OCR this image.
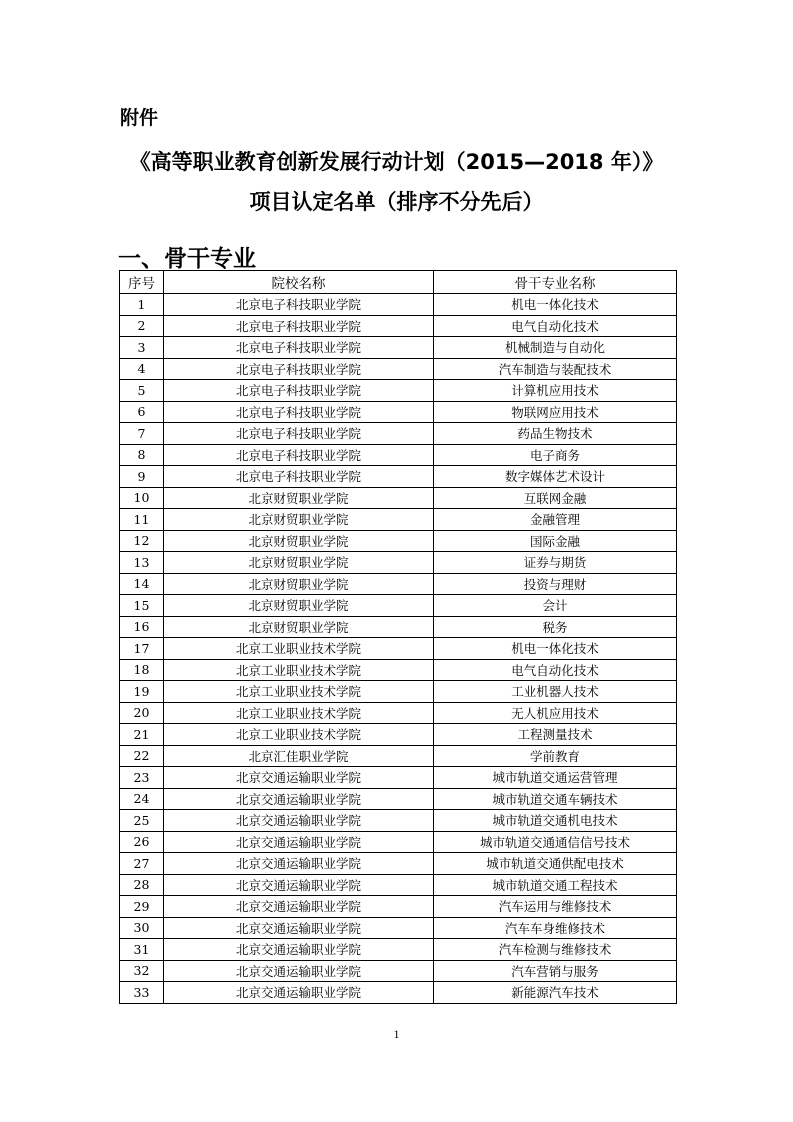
附件
《高等职业教育创新发展行动计划（2015—2018 年）》
项目认定名单（排序不分先后）
一、骨干专业
序号	院校名称	骨干专业名称
1	北京电子科技职业学院	机电一体化技术
2	北京电子科技职业学院	电气自动化技术
3	北京电子科技职业学院	机械制造与自动化
4	北京电子科技职业学院	汽车制造与装配技术
5	北京电子科技职业学院	计算机应用技术
6	北京电子科技职业学院	物联网应用技术
7	北京电子科技职业学院	药品生物技术
8	北京电子科技职业学院	电子商务
9	北京电子科技职业学院	数字媒体艺术设计
10	北京财贸职业学院	互联网金融
11	北京财贸职业学院	金融管理
12	北京财贸职业学院	国际金融
13	北京财贸职业学院	证券与期货
14	北京财贸职业学院	投资与理财
15	北京财贸职业学院	会计
16	北京财贸职业学院	税务
17	北京工业职业技术学院	机电一体化技术
18	北京工业职业技术学院	电气自动化技术
19	北京工业职业技术学院	工业机器人技术
20	北京工业职业技术学院	无人机应用技术
21	北京工业职业技术学院	工程测量技术
22	北京汇佳职业学院	学前教育
23	北京交通运输职业学院	城市轨道交通运营管理
24	北京交通运输职业学院	城市轨道交通车辆技术
25	北京交通运输职业学院	城市轨道交通机电技术
26	北京交通运输职业学院	城市轨道交通通信信号技术
27	北京交通运输职业学院	城市轨道交通供配电技术
28	北京交通运输职业学院	城市轨道交通工程技术
29	北京交通运输职业学院	汽车运用与维修技术
30	北京交通运输职业学院	汽车车身维修技术
31	北京交通运输职业学院	汽车检测与维修技术
32	北京交通运输职业学院	汽车营销与服务
33	北京交通运输职业学院	新能源汽车技术
1
